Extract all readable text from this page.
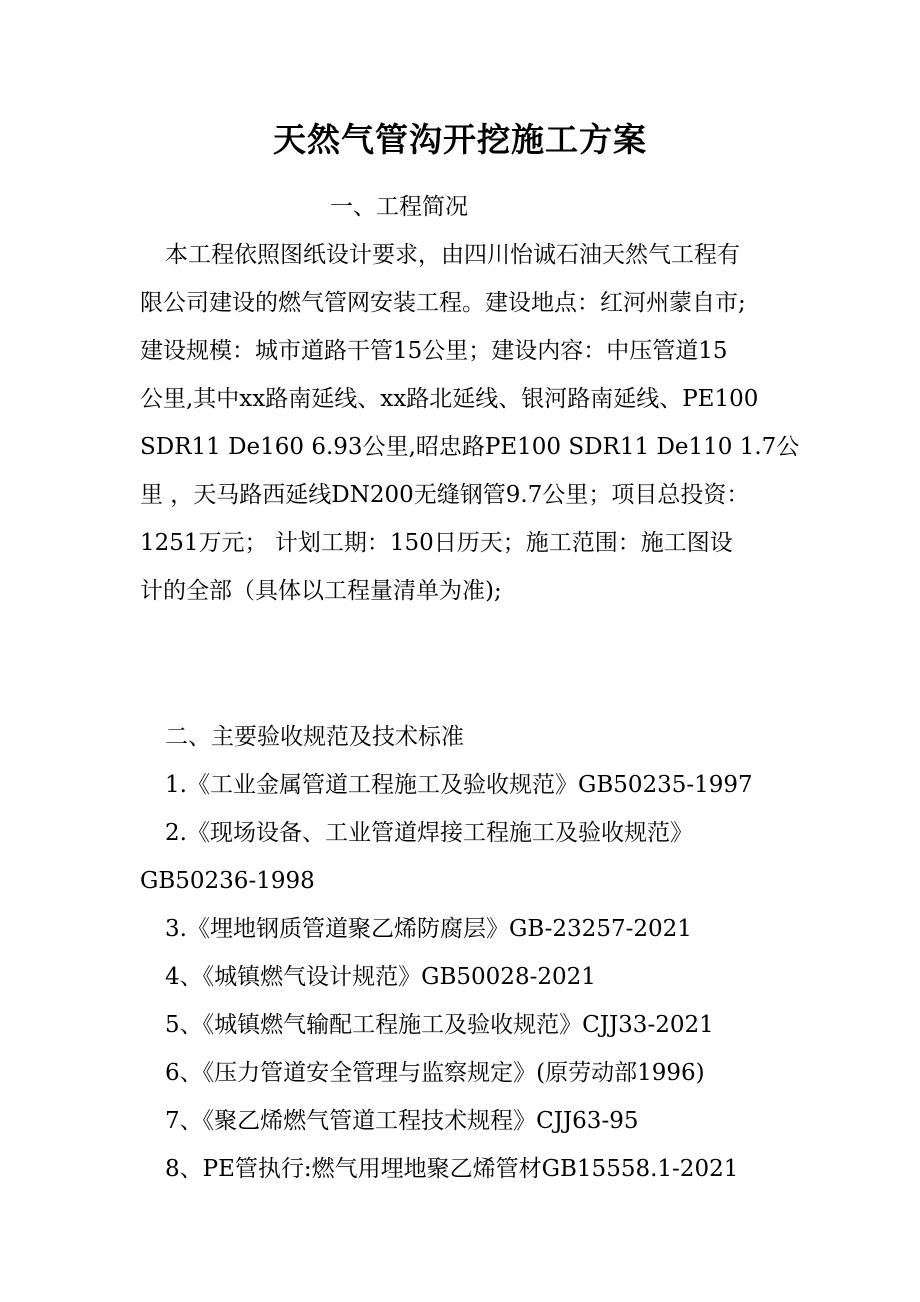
天然气管沟开挖施工方案

一、工程简况

本工程依照图纸设计要求，由四川怡诚石油天然气工程有

限公司建设的燃气管网安装工程。建设地点：红河州蒙自市;

建设规模：城市道路干管15公里；建设内容：中压管道15

公里,其中xx路南延线、xx路北延线、银河路南延线、PE100

SDR11 De160 6.93公里,昭忠路PE100 SDR11 De110 1.7公

里 ，天马路西延线DN200无缝钢管9.7公里；项目总投资：

1251万元； 计划工期：150日历天；施工范围：施工图设

计的全部（具体以工程量清单为准);

二、主要验收规范及技术标准

1.《工业金属管道工程施工及验收规范》GB50235-1997

2.《现场设备、工业管道焊接工程施工及验收规范》

GB50236-1998

3.《埋地钢质管道聚乙烯防腐层》GB-23257-2021

4、《城镇燃气设计规范》GB50028-2021

5、《城镇燃气输配工程施工及验收规范》CJJ33-2021

6、《压力管道安全管理与监察规定》(原劳动部1996)

7、《聚乙烯燃气管道工程技术规程》CJJ63-95

8、PE管执行:燃气用埋地聚乙烯管材GB15558.1-2021
